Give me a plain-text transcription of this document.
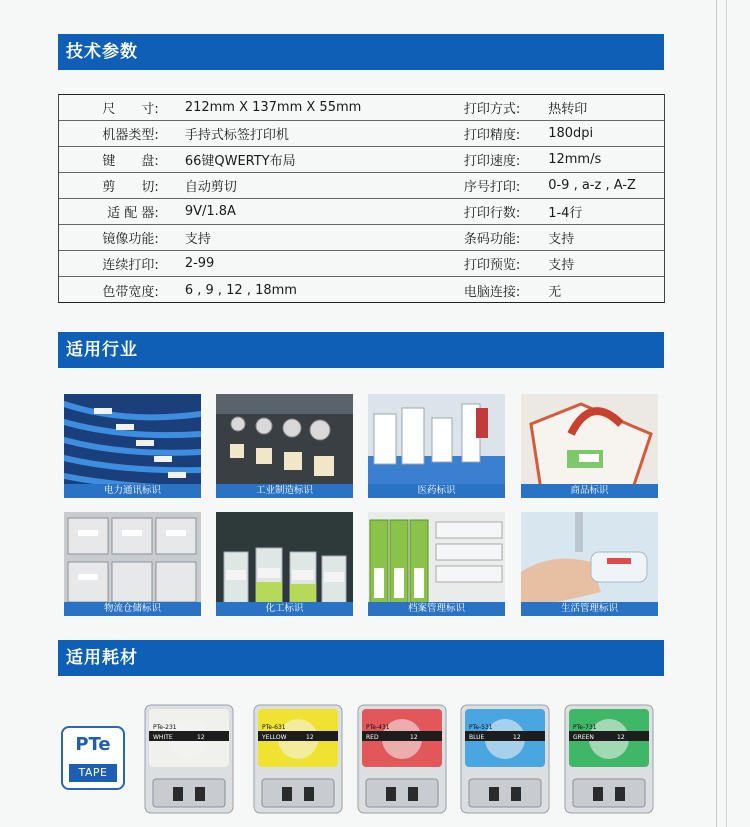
技术参数
尺　　寸:	212mm X 137mm X 55mm	打印方式:	热转印
机器类型:	手持式标签打印机	打印精度:	180dpi
键　　盘:	66键QWERTY布局	打印速度:	12mm/s
剪　　切:	自动剪切	序号打印:	0-9 , a-z , A-Z
适 配 器:	9V/1.8A	打印行数:	1-4行
镜像功能:	支持	条码功能:	支持
连续打印:	2-99	打印预览:	支持
色带宽度:	6 , 9 , 12 , 18mm	电脑连接:	无
适用行业
电力通讯标识	工业制造标识	医药标识	商品标识
物流仓储标识	化工标识	档案管理标识	生活管理标识
适用耗材
PTe
TAPE
PTe-231
WHITE	12
PTe-631
YELLOW	12
PTe-431
RED	12
PTe-531
BLUE	12
PTe-731
GREEN	12
